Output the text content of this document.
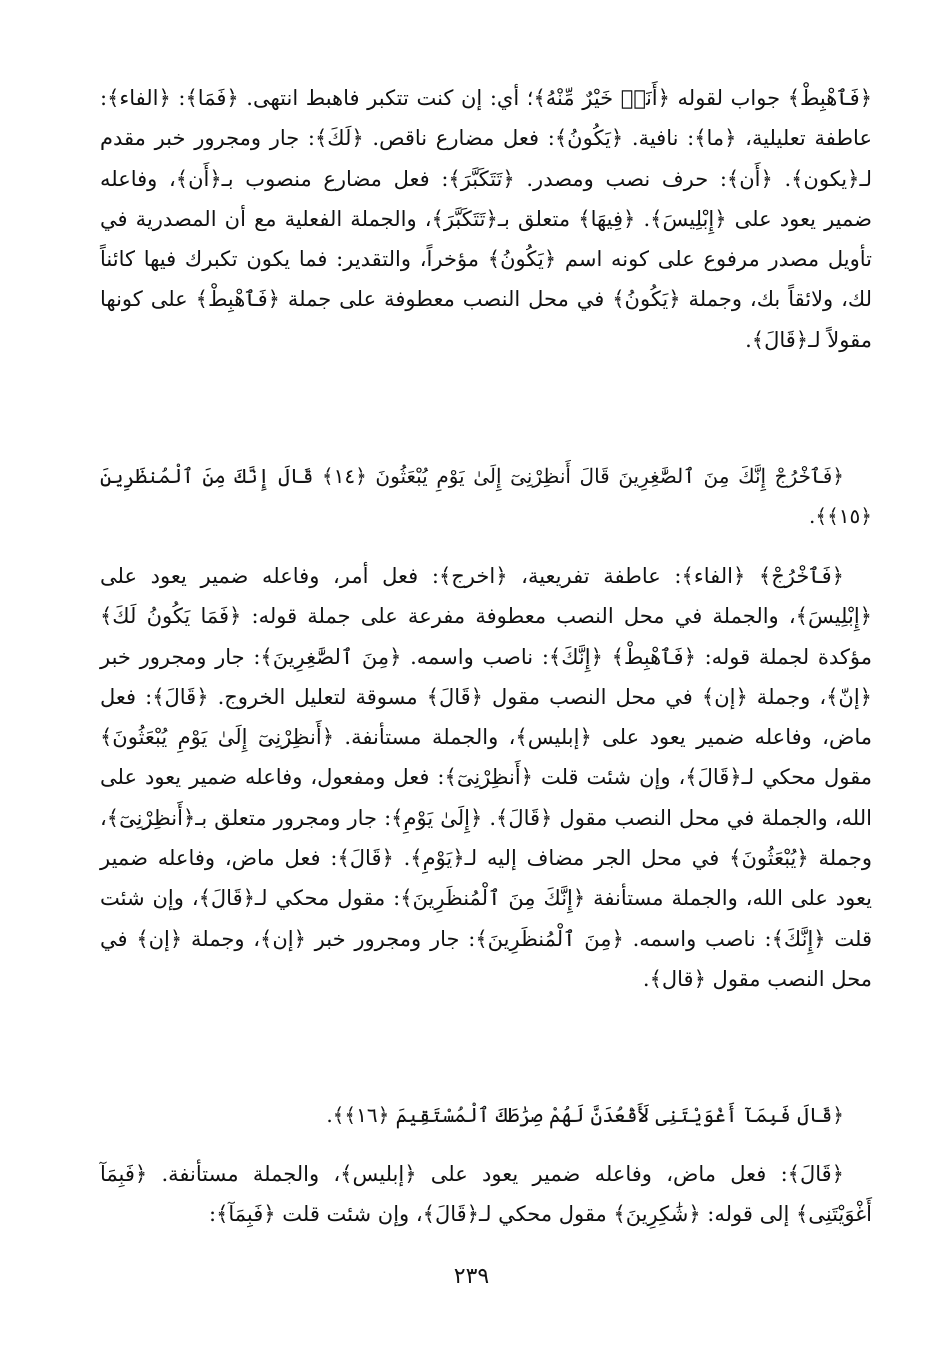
﴿فَٱهْبِطْ﴾ جواب لقوله ﴿أَنَا۠ خَيْرٌ مِّنْهُ﴾؛ أي: إن كنت تتكبر فاهبط انتهى. ﴿فَمَا﴾: ﴿الفاء﴾: عاطفة تعليلية، ﴿ما﴾: نافية. ﴿يَكُونُ﴾: فعل مضارع ناقص. ﴿لَكَ﴾: جار ومجرور خبر مقدم لـ﴿يكون﴾. ﴿أَن﴾: حرف نصب ومصدر. ﴿تَتَكَبَّرَ﴾: فعل مضارع منصوب بـ﴿أَن﴾، وفاعله ضمير يعود على ﴿إِبْلِيسَ﴾. ﴿فِيهَا﴾ متعلق بـ﴿تَتَكَبَّرَ﴾، والجملة الفعلية مع أن المصدرية في تأويل مصدر مرفوع على كونه اسم ﴿يَكُونُ﴾ مؤخراً، والتقدير: فما يكون تكبرك فيها كائناً لك، ولائقاً بك، وجملة ﴿يَكُونُ﴾ في محل النصب معطوفة على جملة ﴿فَٱهْبِطْ﴾ على كونها مقولاً لـ﴿قَالَ﴾.

﴿فَٱخْرُجْ إِنَّكَ مِنَ ٱلصَّٰغِرِينَ قَالَ أَنظِرْنِىٓ إِلَىٰ يَوْمِ يُبْعَثُونَ ﴿١٤﴾ قَالَ إِنَّكَ مِنَ ٱلْمُنظَرِينَ ﴿١٥﴾﴾.

﴿فَٱخْرُجْ﴾ ﴿الفاء﴾: عاطفة تفريعية، ﴿اخرج﴾: فعل أمر، وفاعله ضمير يعود على ﴿إِبْلِيسَ﴾، والجملة في محل النصب معطوفة مفرعة على جملة قوله: ﴿فَمَا يَكُونُ لَكَ﴾ مؤكدة لجملة قوله: ﴿فَٱهْبِطْ﴾ ﴿إِنَّكَ﴾: ناصب واسمه. ﴿مِنَ ٱلصَّٰغِرِينَ﴾: جار ومجرور خبر ﴿إنّ﴾، وجملة ﴿إن﴾ في محل النصب مقول ﴿قَالَ﴾ مسوقة لتعليل الخروج. ﴿قَالَ﴾: فعل ماض، وفاعله ضمير يعود على ﴿إبليس﴾، والجملة مستأنفة. ﴿أَنظِرْنِىٓ إِلَىٰ يَوْمِ يُبْعَثُونَ﴾ مقول محكي لـ﴿قَالَ﴾، وإن شئت قلت ﴿أَنظِرْنِىٓ﴾: فعل ومفعول، وفاعله ضمير يعود على الله، والجملة في محل النصب مقول ﴿قَالَ﴾. ﴿إِلَىٰ يَوْمِ﴾: جار ومجرور متعلق بـ﴿أَنظِرْنِىٓ﴾، وجملة ﴿يُبْعَثُونَ﴾ في محل الجر مضاف إليه لـ﴿يَوْمِ﴾. ﴿قَالَ﴾: فعل ماض، وفاعله ضمير يعود على الله، والجملة مستأنفة ﴿إِنَّكَ مِنَ ٱلْمُنظَرِينَ﴾: مقول محكي لـ﴿قَالَ﴾، وإن شئت قلت ﴿إِنَّكَ﴾: ناصب واسمه. ﴿مِنَ ٱلْمُنظَرِينَ﴾: جار ومجرور خبر ﴿إن﴾، وجملة ﴿إن﴾ في محل النصب مقول ﴿قال﴾.

﴿قَالَ فَبِمَآ أَغْوَيْتَنِى لَأَقْعُدَنَّ لَهُمْ صِرَٰطَكَ ٱلْمُسْتَقِيمَ ﴿١٦﴾﴾.

﴿قَالَ﴾: فعل ماض، وفاعله ضمير يعود على ﴿إبليس﴾، والجملة مستأنفة. ﴿فَبِمَآ أَغْوَيْتَنِى﴾ إلى قوله: ﴿شَٰكِرِينَ﴾ مقول محكي لـ﴿قَالَ﴾، وإن شئت قلت ﴿فَبِمَآ﴾:

٢٣٩
